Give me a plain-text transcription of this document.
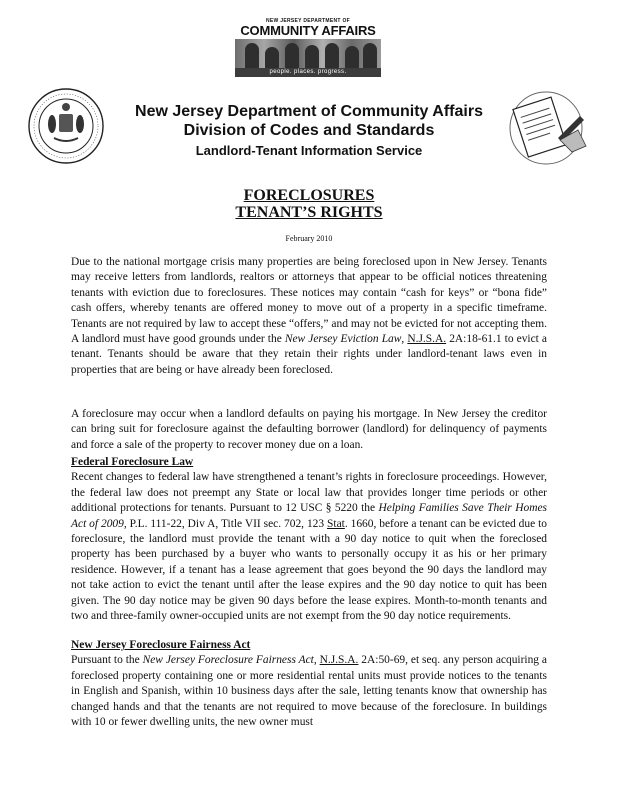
NEW JERSEY DEPARTMENT OF
COMMUNITY AFFAIRS
people. places. progress.
New Jersey Department of Community Affairs
Division of Codes and Standards
Landlord-Tenant Information Service
FORECLOSURES
TENANT’S RIGHTS
February 2010

Due to the national mortgage crisis many properties are being foreclosed upon in New Jersey. Tenants may receive letters from landlords, realtors or attorneys that appear to be official notices threatening tenants with eviction due to foreclosures. These notices may contain “cash for keys” or “bona fide” cash offers, whereby tenants are offered money to move out of a property in a specific timeframe. Tenants are not required by law to accept these “offers,” and may not be evicted for not accepting them. A landlord must have good grounds under the New Jersey Eviction Law, N.J.S.A. 2A:18-61.1 to evict a tenant. Tenants should be aware that they retain their rights under landlord-tenant laws even in properties that are being or have already been foreclosed.

A foreclosure may occur when a landlord defaults on paying his mortgage. In New Jersey the creditor can bring suit for foreclosure against the defaulting borrower (landlord) for delinquency of payments and force a sale of the property to recover money due on a loan.

Federal Foreclosure Law

Recent changes to federal law have strengthened a tenant’s rights in foreclosure proceedings. However, the federal law does not preempt any State or local law that provides longer time periods or other additional protections for tenants. Pursuant to 12 USC § 5220 the Helping Families Save Their Homes Act of 2009, P.L. 111-22, Div A, Title VII sec. 702, 123 Stat. 1660, before a tenant can be evicted due to foreclosure, the landlord must provide the tenant with a 90 day notice to quit when the foreclosed property has been purchased by a buyer who wants to personally occupy it as his or her primary residence. However, if a tenant has a lease agreement that goes beyond the 90 days the landlord may not take action to evict the tenant until after the lease expires and the 90 day notice to quit has been given. The 90 day notice may be given 90 days before the lease expires. Month-to-month tenants and two and three-family owner-occupied units are not exempt from the 90 day notice requirements.

New Jersey Foreclosure Fairness Act

Pursuant to the New Jersey Foreclosure Fairness Act, N.J.S.A. 2A:50-69, et seq. any person acquiring a foreclosed property containing one or more residential rental units must provide notices to the tenants in English and Spanish, within 10 business days after the sale, letting tenants know that ownership has changed hands and that the tenants are not required to move because of the foreclosure. In buildings with 10 or fewer dwelling units, the new owner must
